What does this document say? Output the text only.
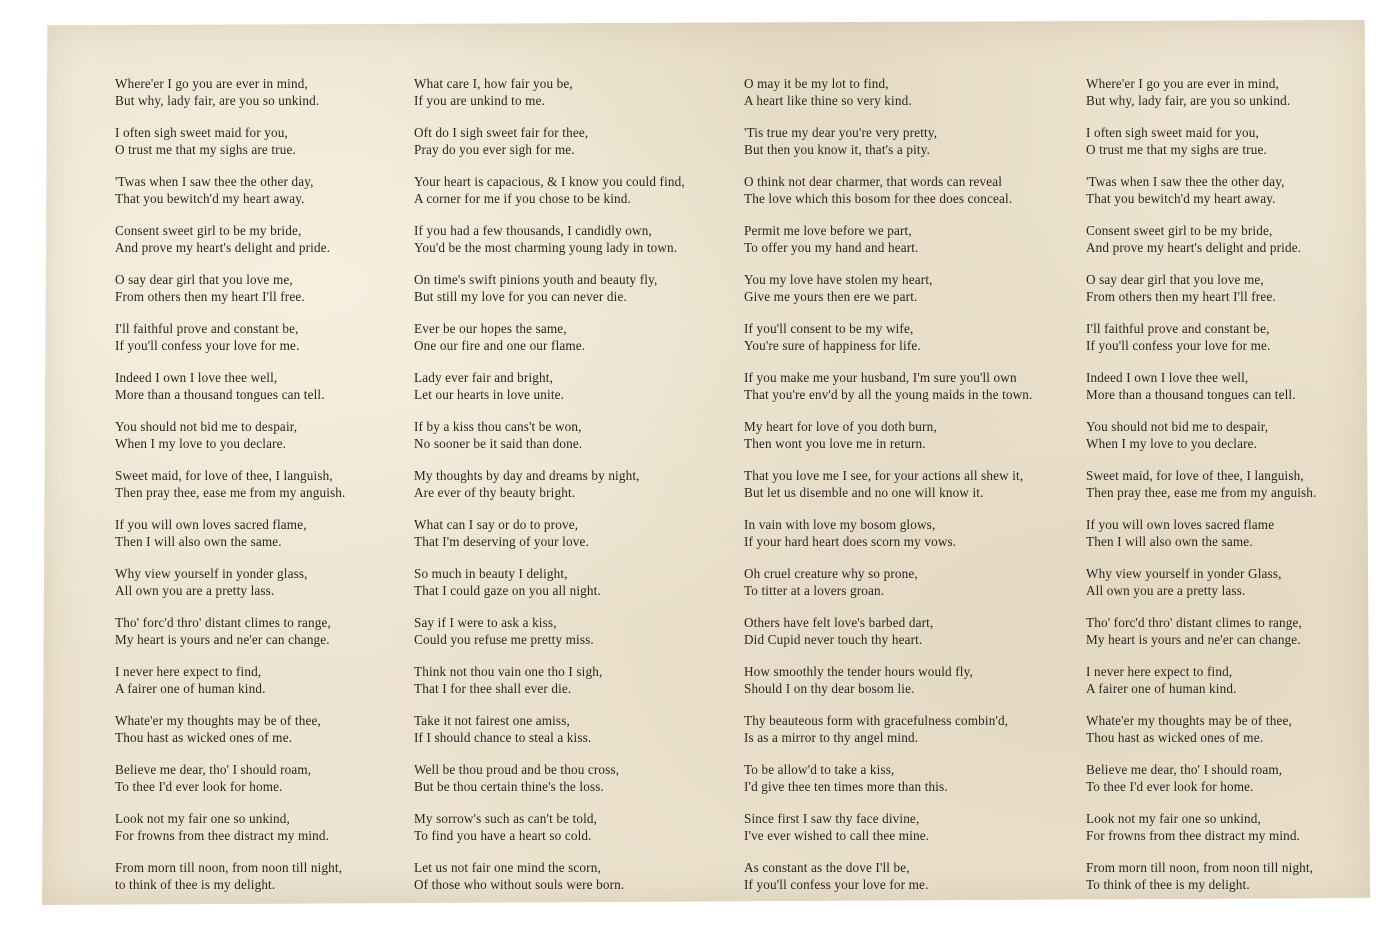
Where'er I go you are ever in mind,
But why, lady fair, are you so unkind.
I often sigh sweet maid for you,
O trust me that my sighs are true.
'Twas when I saw thee the other day,
That you bewitch'd my heart away.
Consent sweet girl to be my bride,
And prove my heart's delight and pride.
O say dear girl that you love me,
From others then my heart I'll free.
I'll faithful prove and constant be,
If you'll confess your love for me.
Indeed I own I love thee well,
More than a thousand tongues can tell.
You should not bid me to despair,
When I my love to you declare.
Sweet maid, for love of thee, I languish,
Then pray thee, ease me from my anguish.
If you will own loves sacred flame,
Then I will also own the same.
Why view yourself in yonder glass,
All own you are a pretty lass.
Tho' forc'd thro' distant climes to range,
My heart is yours and ne'er can change.
I never here expect to find,
A fairer one of human kind.
Whate'er my thoughts may be of thee,
Thou hast as wicked ones of me.
Believe me dear, tho' I should roam,
To thee I'd ever look for home.
Look not my fair one so unkind,
For frowns from thee distract my mind.
From morn till noon, from noon till night,
to think of thee is my delight.
What care I, how fair you be,
If you are unkind to me.
Oft do I sigh sweet fair for thee,
Pray do you ever sigh for me.
Your heart is capacious, & I know you could find,
A corner for me if you chose to be kind.
If you had a few thousands, I candidly own,
You'd be the most charming young lady in town.
On time's swift pinions youth and beauty fly,
But still my love for you can never die.
Ever be our hopes the same,
One our fire and one our flame.
Lady ever fair and bright,
Let our hearts in love unite.
If by a kiss thou cans't be won,
No sooner be it said than done.
My thoughts by day and dreams by night,
Are ever of thy beauty bright.
What can I say or do to prove,
That I'm deserving of your love.
So much in beauty I delight,
That I could gaze on you all night.
Say if I were to ask a kiss,
Could you refuse me pretty miss.
Think not thou vain one tho I sigh,
That I for thee shall ever die.
Take it not fairest one amiss,
If I should chance to steal a kiss.
Well be thou proud and be thou cross,
But be thou certain thine's the loss.
My sorrow's such as can't be told,
To find you have a heart so cold.
Let us not fair one mind the scorn,
Of those who without souls were born.
O may it be my lot to find,
A heart like thine so very kind.
'Tis true my dear you're very pretty,
But then you know it, that's a pity.
O think not dear charmer, that words can reveal
The love which this bosom for thee does conceal.
Permit me love before we part,
To offer you my hand and heart.
You my love have stolen my heart,
Give me yours then ere we part.
If you'll consent to be my wife,
You're sure of happiness for life.
If you make me your husband, I'm sure you'll own
That you're env'd by all the young maids in the town.
My heart for love of you doth burn,
Then wont you love me in return.
That you love me I see, for your actions all shew it,
But let us disemble and no one will know it.
In vain with love my bosom glows,
If your hard heart does scorn my vows.
Oh cruel creature why so prone,
To titter at a lovers groan.
Others have felt love's barbed dart,
Did Cupid never touch thy heart.
How smoothly the tender hours would fly,
Should I on thy dear bosom lie.
Thy beauteous form with gracefulness combin'd,
Is as a mirror to thy angel mind.
To be allow'd to take a kiss,
I'd give thee ten times more than this.
Since first I saw thy face divine,
I've ever wished to call thee mine.
As constant as the dove I'll be,
If you'll confess your love for me.
Where'er I go you are ever in mind,
But why, lady fair, are you so unkind.
I often sigh sweet maid for you,
O trust me that my sighs are true.
'Twas when I saw thee the other day,
That you bewitch'd my heart away.
Consent sweet girl to be my bride,
And prove my heart's delight and pride.
O say dear girl that you love me,
From others then my heart I'll free.
I'll faithful prove and constant be,
If you'll confess your love for me.
Indeed I own I love thee well,
More than a thousand tongues can tell.
You should not bid me to despair,
When I my love to you declare.
Sweet maid, for love of thee, I languish,
Then pray thee, ease me from my anguish.
If you will own loves sacred flame
Then I will also own the same.
Why view yourself in yonder Glass,
All own you are a pretty lass.
Tho' forc'd thro' distant climes to range,
My heart is yours and ne'er can change.
I never here expect to find,
A fairer one of human kind.
Whate'er my thoughts may be of thee,
Thou hast as wicked ones of me.
Believe me dear, tho' I should roam,
To thee I'd ever look for home.
Look not my fair one so unkind,
For frowns from thee distract my mind.
From morn till noon, from noon till night,
To think of thee is my delight.
